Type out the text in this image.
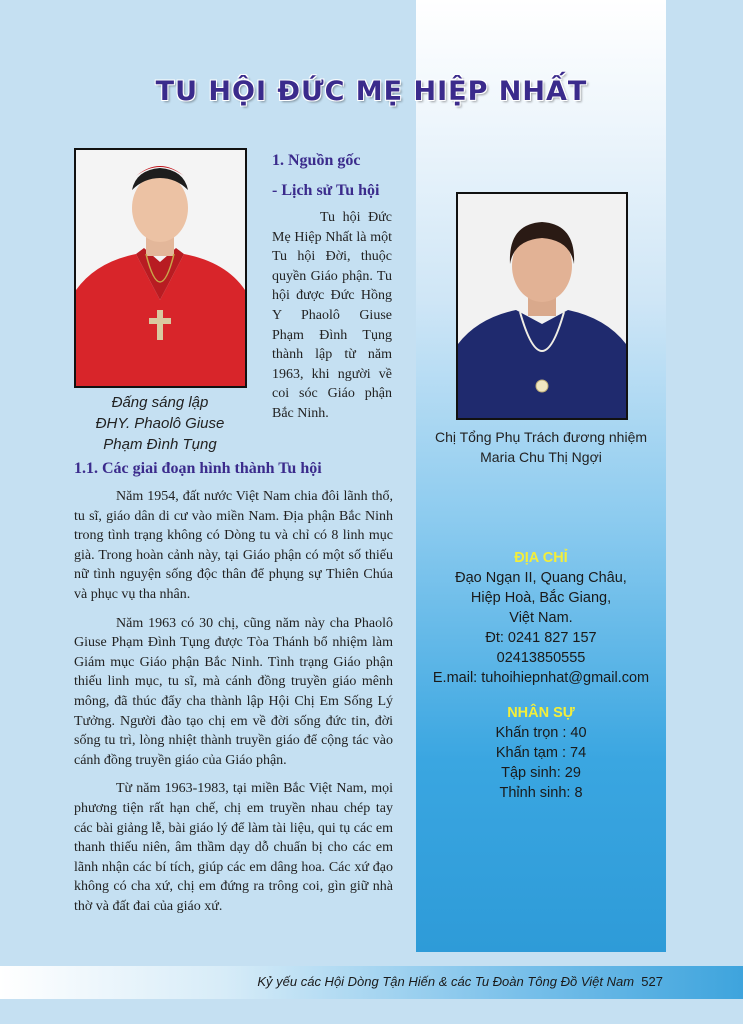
TU HỘI ĐỨC MẸ HIỆP NHẤT
Đấng sáng lập
ĐHY. Phaolô Giuse
Phạm Đình Tụng
1. Nguồn gốc
- Lịch sử Tu hội
Tu hội Đức Mẹ Hiệp Nhất là một Tu hội Đời, thuộc quyền Giáo phận. Tu hội được Đức Hồng Y Phaolô Giuse Phạm Đình Tụng thành lập từ năm 1963, khi người về coi sóc Giáo phận Bắc Ninh.
Chị Tổng Phụ Trách đương nhiệm
Maria Chu Thị Ngợi
1.1. Các giai đoạn hình thành Tu hội

Năm 1954, đất nước Việt Nam chia đôi lãnh thổ, tu sĩ, giáo dân di cư vào miền Nam. Địa phận Bắc Ninh trong tình trạng không có Dòng tu và chỉ có 8 linh mục già. Trong hoàn cảnh này, tại Giáo phận có một số thiếu nữ tình nguyện sống độc thân để phụng sự Thiên Chúa và phục vụ tha nhân.

Năm 1963 có 30 chị, cũng năm này cha Phaolô Giuse Phạm Đình Tụng được Tòa Thánh bổ nhiệm làm Giám mục Giáo phận Bắc Ninh. Tình trạng Giáo phận thiếu linh mục, tu sĩ, mà cánh đồng truyền giáo mênh mông, đã thúc đẩy cha thành lập Hội Chị Em Sống Lý Tưởng. Người đào tạo chị em về đời sống đức tin, đời sống tu trì, lòng nhiệt thành truyền giáo để cộng tác vào cánh đồng truyền giáo của Giáo phận.

Từ năm 1963-1983, tại miền Bắc Việt Nam, mọi phương tiện rất hạn chế, chị em truyền nhau chép tay các bài giảng lễ, bài giáo lý để làm tài liệu, qui tụ các em thanh thiếu niên, âm thầm dạy dỗ chuẩn bị cho các em lãnh nhận các bí tích, giúp các em dâng hoa. Các xứ đạo không có cha xứ, chị em đứng ra trông coi, gìn giữ nhà thờ và đất đai của giáo xứ.

ĐỊA CHỈ
Đạo Ngạn II, Quang Châu,
Hiệp Hoà, Bắc Giang,
Việt Nam.
Đt: 0241 827 157
02413850555
E.mail: tuhoihiepnhat@gmail.com
NHÂN SỰ
Khấn trọn : 40
Khấn tạm : 74
Tập sinh: 29
Thỉnh sinh: 8
Kỷ yếu các Hội Dòng Tận Hiến & các Tu Đoàn Tông Đồ Việt Nam 527
